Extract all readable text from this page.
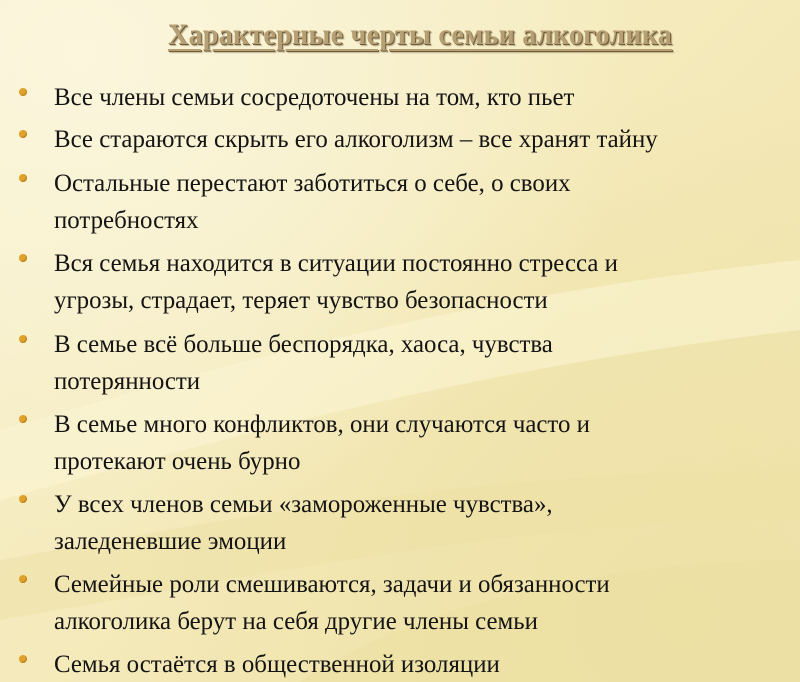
Характерные черты семьи алкоголика
Все члены семьи сосредоточены на том, кто пьет
Все стараются скрыть его алкоголизм – все хранят тайну
Остальные перестают заботиться о себе, о своих
потребностях
Вся семья находится в ситуации постоянно стресса и
угрозы, страдает, теряет чувство безопасности
В семье всё больше беспорядка, хаоса, чувства
потерянности
В семье много конфликтов, они случаются часто и
протекают очень бурно
У всех членов семьи «замороженные чувства»,
заледеневшие эмоции
Семейные роли смешиваются, задачи и обязанности
алкоголика берут на себя другие члены семьи
Семья остаётся в общественной изоляции
